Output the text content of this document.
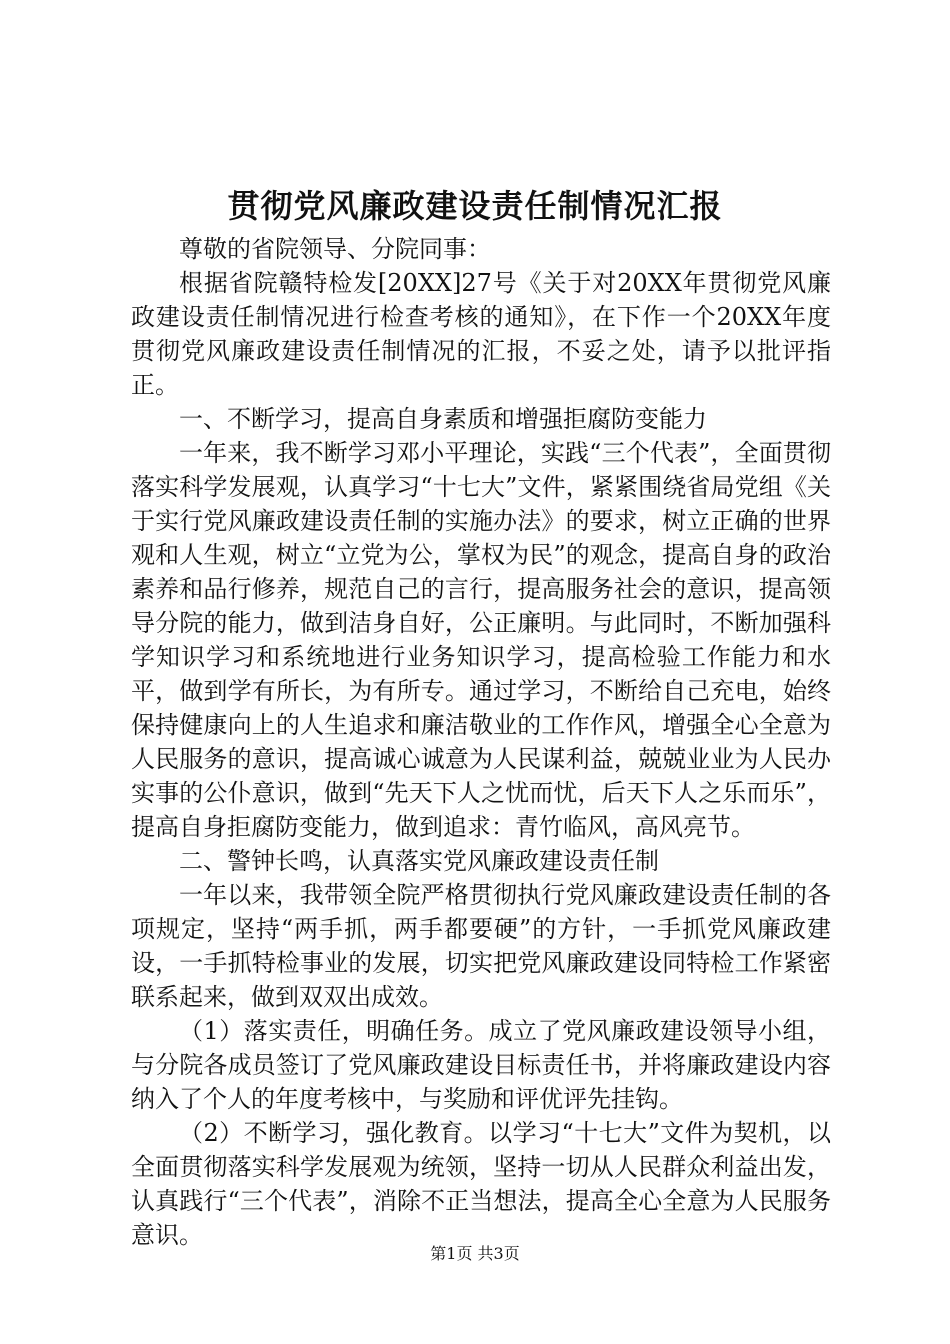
贯彻党风廉政建设责任制情况汇报

尊敬的省院领导、分院同事：

根据省院赣特检发[20XX]27号《关于对20XX年贯彻党风廉政建设责任制情况进行检查考核的通知》，在下作一个20XX年度贯彻党风廉政建设责任制情况的汇报，不妥之处，请予以批评指正。

一、不断学习，提高自身素质和增强拒腐防变能力

一年来，我不断学习邓小平理论，实践“三个代表”，全面贯彻落实科学发展观，认真学习“十七大”文件，紧紧围绕省局党组《关于实行党风廉政建设责任制的实施办法》的要求，树立正确的世界观和人生观，树立“立党为公，掌权为民”的观念，提高自身的政治素养和品行修养，规范自己的言行，提高服务社会的意识，提高领导分院的能力，做到洁身自好，公正廉明。与此同时，不断加强科学知识学习和系统地进行业务知识学习，提高检验工作能力和水平，做到学有所长，为有所专。通过学习，不断给自己充电，始终保持健康向上的人生追求和廉洁敬业的工作作风，增强全心全意为人民服务的意识，提高诚心诚意为人民谋利益，兢兢业业为人民办实事的公仆意识，做到“先天下人之忧而忧，后天下人之乐而乐”，提高自身拒腐防变能力，做到追求：青竹临风，高风亮节。

二、警钟长鸣，认真落实党风廉政建设责任制

一年以来，我带领全院严格贯彻执行党风廉政建设责任制的各项规定，坚持“两手抓，两手都要硬”的方针，一手抓党风廉政建设，一手抓特检事业的发展，切实把党风廉政建设同特检工作紧密联系起来，做到双双出成效。

（1）落实责任，明确任务。成立了党风廉政建设领导小组，与分院各成员签订了党风廉政建设目标责任书，并将廉政建设内容纳入了个人的年度考核中，与奖励和评优评先挂钩。

（2）不断学习，强化教育。以学习“十七大”文件为契机，以全面贯彻落实科学发展观为统领，坚持一切从人民群众利益出发，认真践行“三个代表”，消除不正当想法，提高全心全意为人民服务意识。

第1页 共3页
